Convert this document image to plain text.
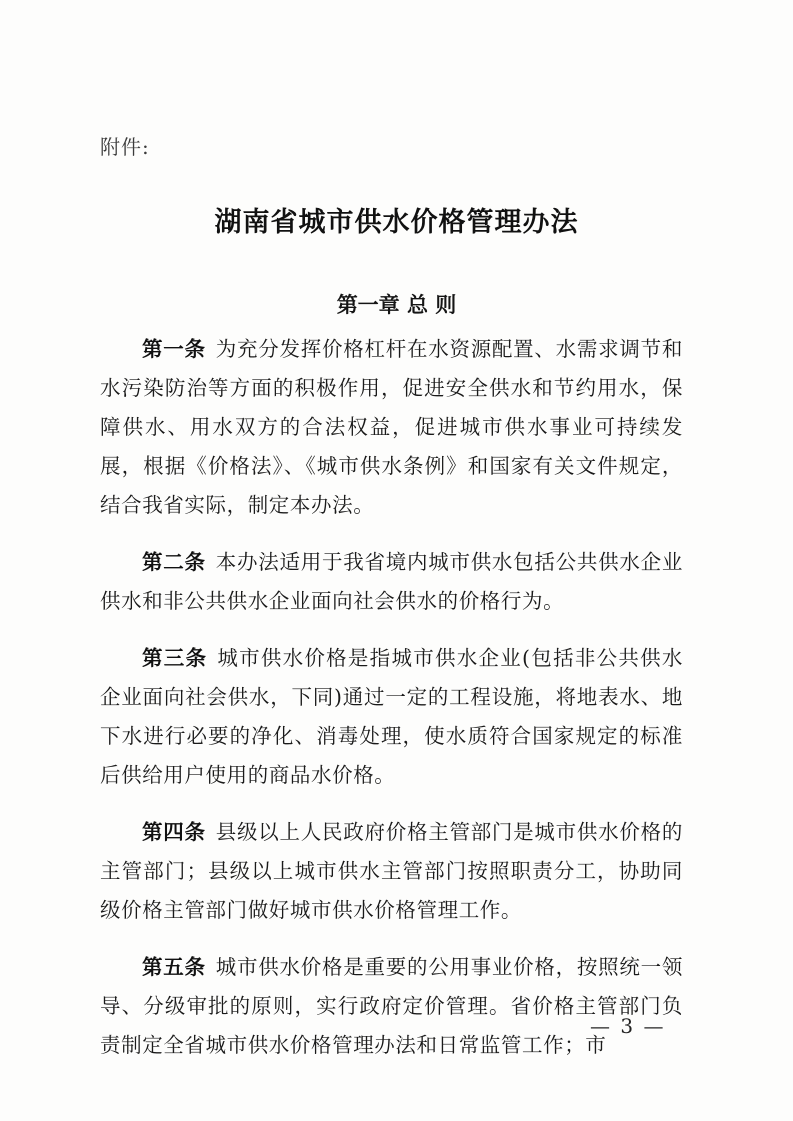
附件:
湖南省城市供水价格管理办法
第一章 总 则

第一条 为充分发挥价格杠杆在水资源配置、水需求调节和水污染防治等方面的积极作用，促进安全供水和节约用水，保障供水、用水双方的合法权益，促进城市供水事业可持续发展，根据《价格法》、《城市供水条例》和国家有关文件规定，结合我省实际，制定本办法。

第二条 本办法适用于我省境内城市供水包括公共供水企业供水和非公共供水企业面向社会供水的价格行为。

第三条 城市供水价格是指城市供水企业(包括非公共供水企业面向社会供水，下同)通过一定的工程设施，将地表水、地下水进行必要的净化、消毒处理，使水质符合国家规定的标准后供给用户使用的商品水价格。

第四条 县级以上人民政府价格主管部门是城市供水价格的主管部门；县级以上城市供水主管部门按照职责分工，协助同级价格主管部门做好城市供水价格管理工作。

第五条 城市供水价格是重要的公用事业价格，按照统一领导、分级审批的原则，实行政府定价管理。省价格主管部门负责制定全省城市供水价格管理办法和日常监管工作；市

— 3 —
